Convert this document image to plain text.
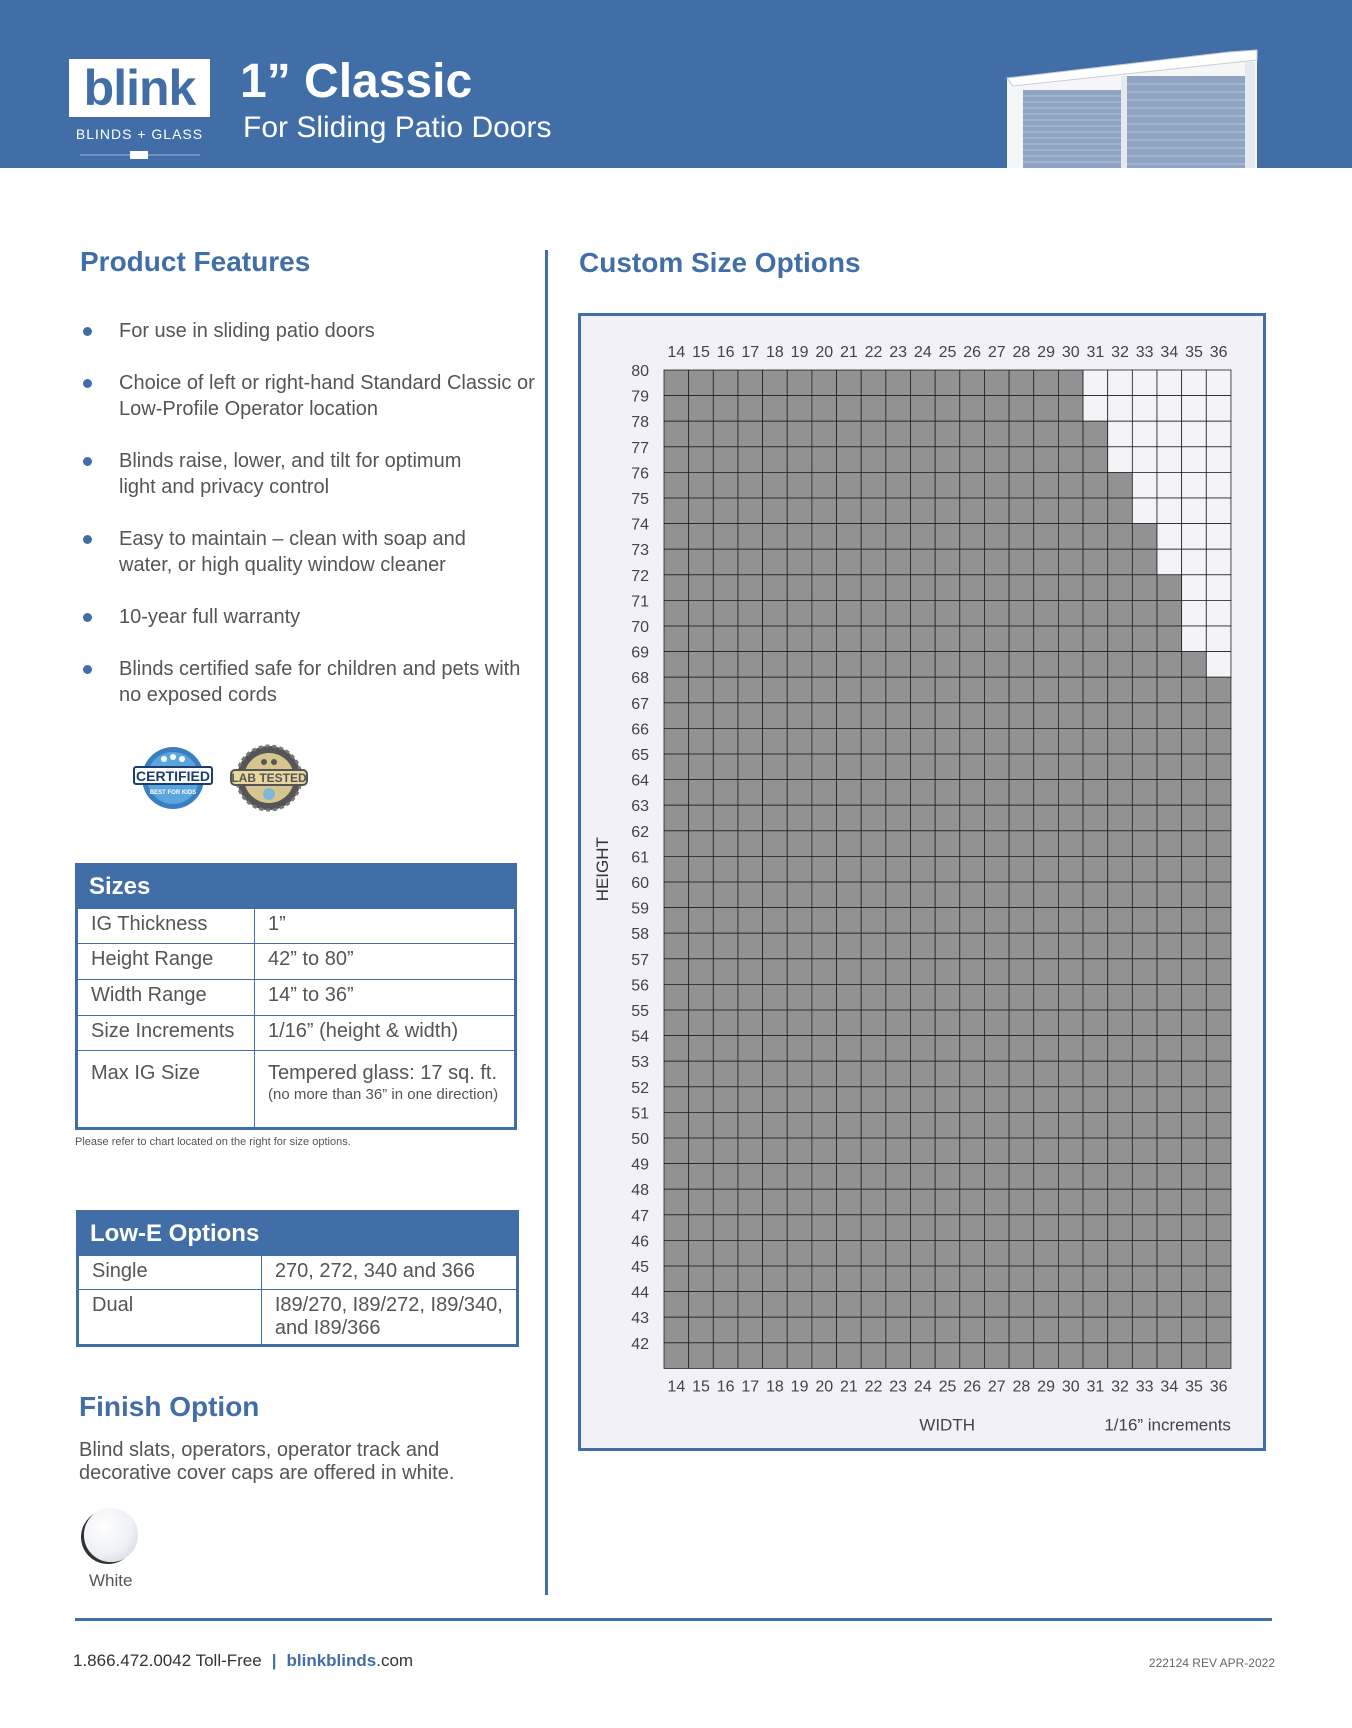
blink
BLINDS + GLASS
1” Classic
For Sliding Patio Doors
Product Features
For use in sliding patio doors
Choice of left or right-hand Standard Classic or Low-Profile Operator location
Blinds raise, lower, and tilt for optimum light and privacy control
Easy to maintain – clean with soap and water, or high quality window cleaner
10-year full warranty
Blinds certified safe for children and pets with no exposed cords
CERTIFIED
BEST FOR KIDS
LAB TESTED
Sizes	
IG Thickness	1”
Height Range	42” to 80”
Width Range	14” to 36”
Size Increments	1/16” (height & width)
Max IG Size	Tempered glass: 17 sq. ft.
(no more than 36” in one direction)
Please refer to chart located on the right for size options.
Low-E Options	
Single	270, 272, 340 and 366
Dual	I89/270, I89/272, I89/340, and I89/366
Finish Option
Blind slats, operators, operator track and decorative cover caps are offered in white.
White
Custom Size Options
14
14
15
15
16
16
17
17
18
18
19
19
20
20
21
21
22
22
23
23
24
24
25
25
26
26
27
27
28
28
29
29
30
30
31
31
32
32
33
33
34
34
35
35
36
36
80
79
78
77
76
75
74
73
72
71
70
69
68
67
66
65
64
63
62
61
60
59
58
57
56
55
54
53
52
51
50
49
48
47
46
45
44
43
42
HEIGHT
WIDTH	1/16” increments
1.866.472.0042 Toll-Free | blinkblinds.com	222124 REV APR-2022
